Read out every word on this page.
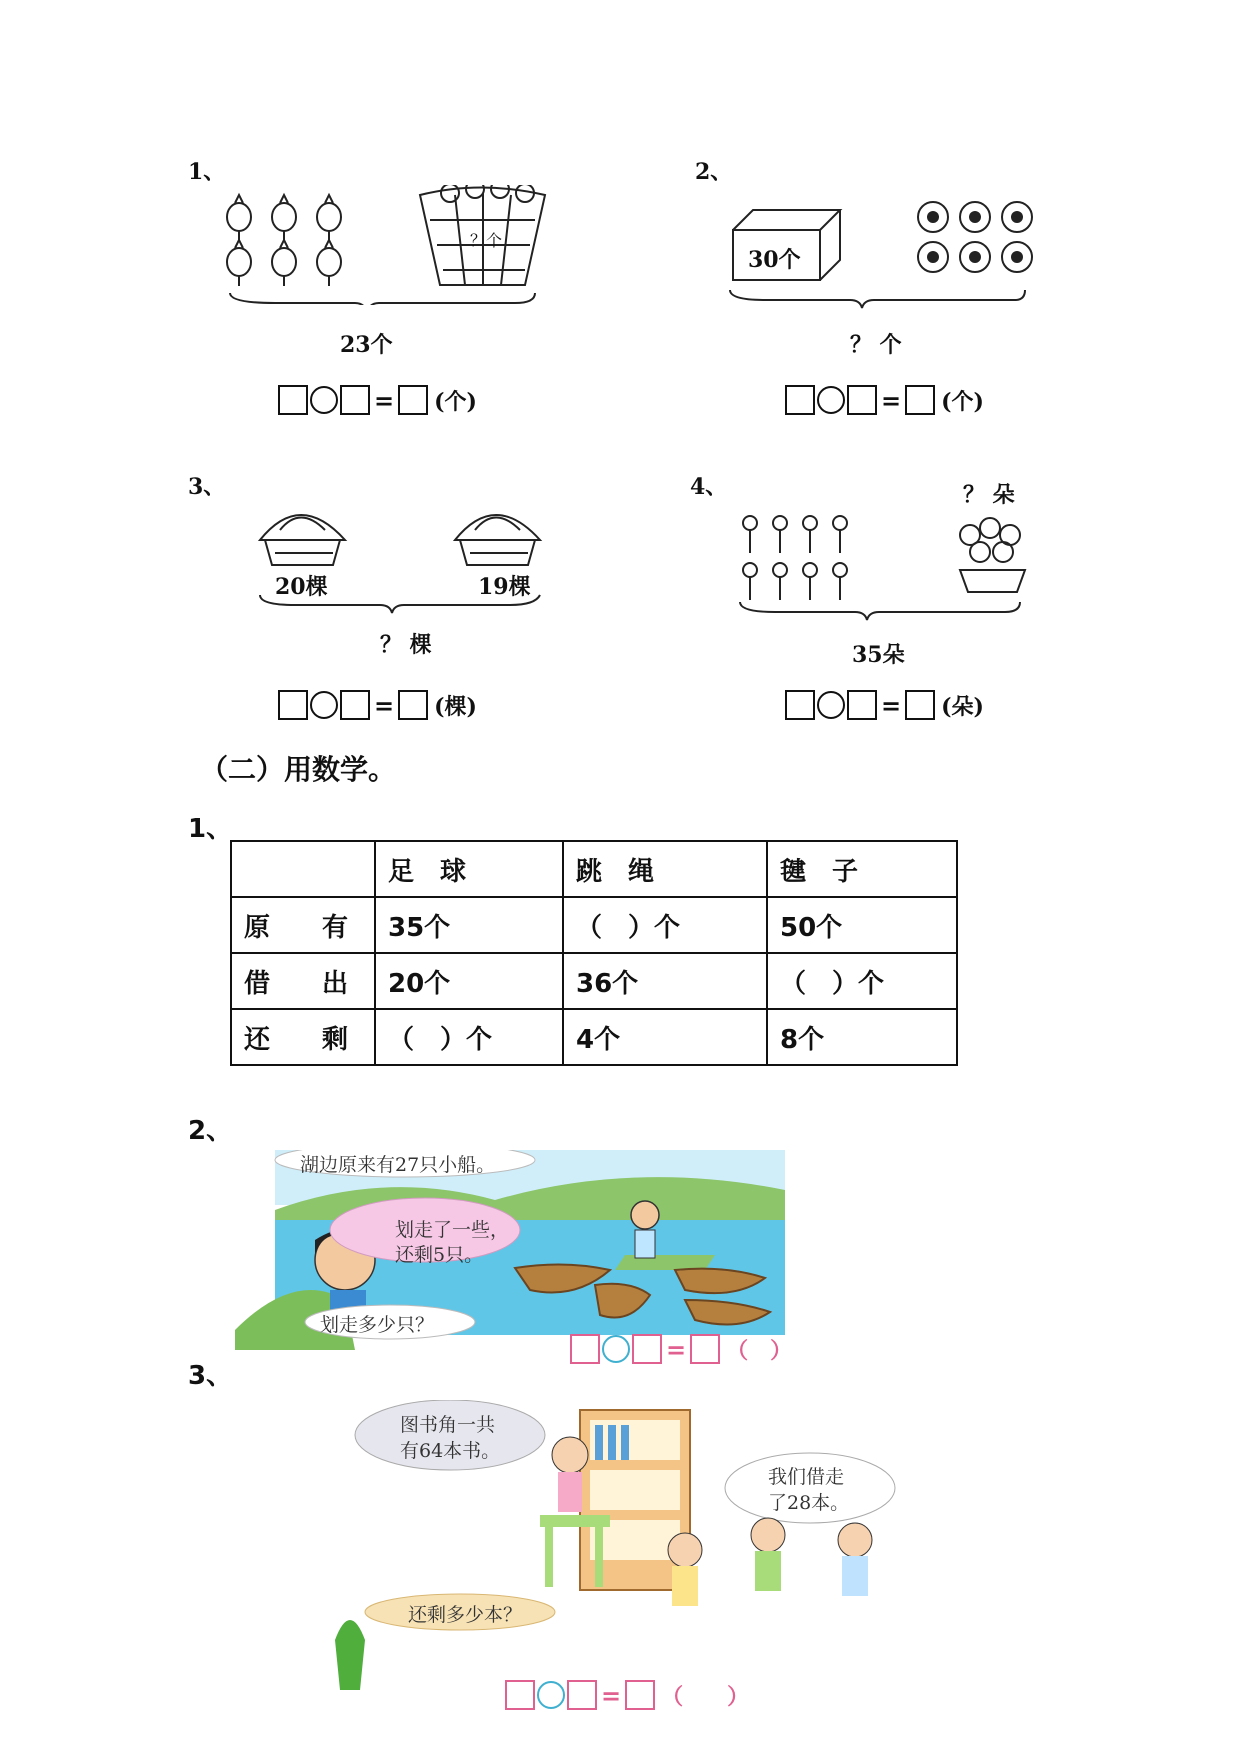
1、
？个
23个
= (个)
2、
30个
？ 个
= (个)
3、
20棵	19棵
？ 棵
= (棵)
4、	？ 朵
35朵
= (朵)
（二）用数学。
1、
	足　球	跳　绳	毽　子
原　　有	35个	（　）个	50个
借　　出	20个	36个	（　）个
还　　剩	（　）个	4个	8个
2、
湖边原来有27只小船。
划走了一些，
还剩5只。
划走多少只？
= （　）
3、
图书角一共
有64本书。
我们借走
了28本。
还剩多少本？
= （　　）
